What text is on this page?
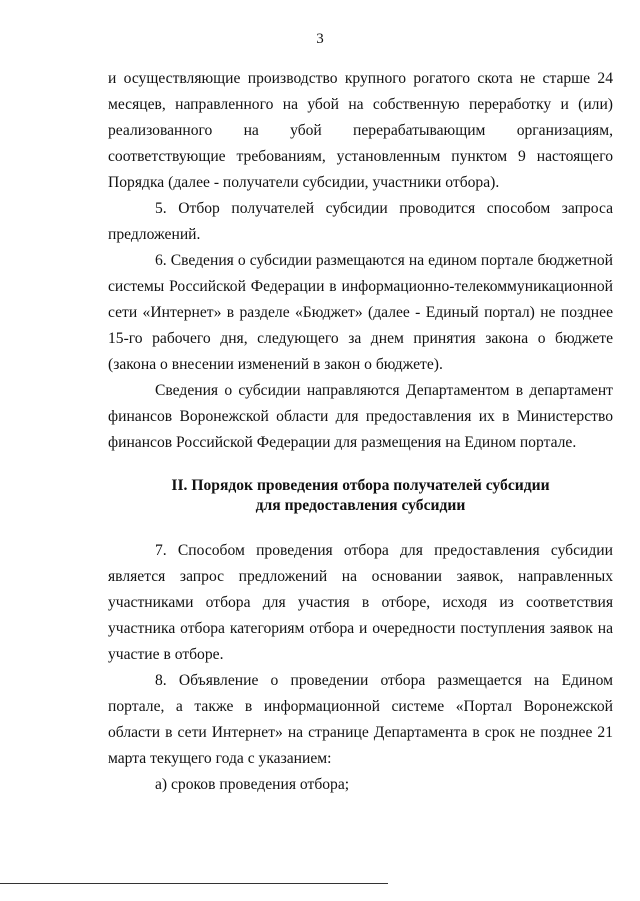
3

и осуществляющие производство крупного рогатого скота не старше 24 месяцев, направленного на убой на собственную переработку и (или) реализованного на убой перерабатывающим организациям, соответствующие требованиям, установленным пунктом 9 настоящего Порядка (далее - получатели субсидии, участники отбора).

5. Отбор получателей субсидии проводится способом запроса предложений.

6. Сведения о субсидии размещаются на едином портале бюджетной системы Российской Федерации в информационно-телекоммуникационной сети «Интернет» в разделе «Бюджет» (далее - Единый портал) не позднее 15-го рабочего дня, следующего за днем принятия закона о бюджете (закона о внесении изменений в закон о бюджете).

Сведения о субсидии направляются Департаментом в департамент финансов Воронежской области для предоставления их в Министерство финансов Российской Федерации для размещения на Едином портале.

II. Порядок проведения отбора получателей субсидии
для предоставления субсидии

7. Способом проведения отбора для предоставления субсидии является запрос предложений на основании заявок, направленных участниками отбора для участия в отборе, исходя из соответствия участника отбора категориям отбора и очередности поступления заявок на участие в отборе.

8. Объявление о проведении отбора размещается на Едином портале, а также в информационной системе «Портал Воронежской области в сети Интернет» на странице Департамента в срок не позднее 21 марта текущего года с указанием:

а) сроков проведения отбора;
